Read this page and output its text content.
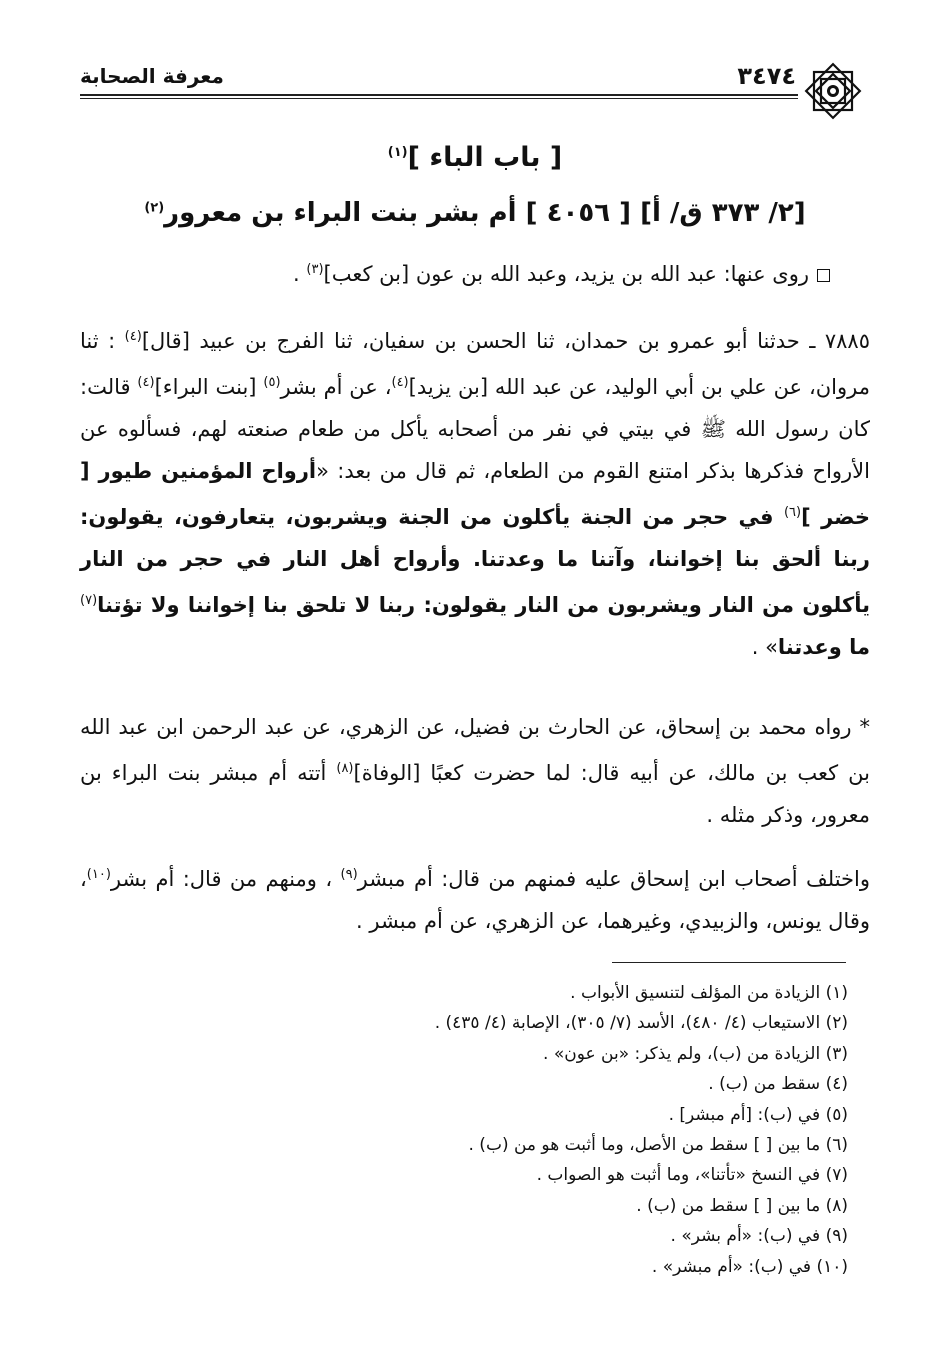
معرفة الصحابة	٣٤٧٤
[ باب الباء ]$^{(١)}$
[٢/ ٣٧٣ ق/ أ] [ ٤٠٥٦ ] أم بشر بنت البراء بن معرور$^{(٢)}$
روى عنها: عبد الله بن يزيد، وعبد الله بن عون [بن كعب]$^{(٣)}$ .
٧٨٨٥ ـ حدثنا أبو عمرو بن حمدان، ثنا الحسن بن سفيان، ثنا الفرج بن عبيد [قال]$^{(٤)}$ : ثنا مروان، عن علي بن أبي الوليد، عن عبد الله [بن يزيد]$^{(٤)}$، عن أم بشر$^{(٥)}$ [بنت البراء]$^{(٤)}$ قالت: كان رسول الله ﷺ في بيتي في نفر من أصحابه يأكل من طعام صنعته لهم، فسألوه عن الأرواح فذكرها بذكر امتنع القوم من الطعام، ثم قال من بعد: «أرواح المؤمنين طيور [ خضر ]$^{(٦)}$ في حجر من الجنة يأكلون من الجنة ويشربون، يتعارفون، يقولون: ربنا ألحق بنا إخواننا، وآتنا ما وعدتنا. وأرواح أهل النار في حجر من النار يأكلون من النار ويشربون من النار يقولون: ربنا لا تلحق بنا إخواننا ولا تؤتنا$^{(٧)}$ ما وعدتنا» .
* رواه محمد بن إسحاق، عن الحارث بن فضيل، عن الزهري، عن عبد الرحمن ابن عبد الله بن كعب بن مالك، عن أبيه قال: لما حضرت كعبًا [الوفاة]$^{(٨)}$ أتته أم مبشر بنت البراء بن معرور، وذكر مثله .
واختلف أصحاب ابن إسحاق عليه فمنهم من قال: أم مبشر$^{(٩)}$ ، ومنهم من قال: أم بشر$^{(١٠)}$، وقال يونس، والزبيدي، وغيرهما، عن الزهري، عن أم مبشر .
(١) الزيادة من المؤلف لتنسيق الأبواب .
(٢) الاستيعاب (٤/ ٤٨٠)، الأسد (٧/ ٣٠٥)، الإصابة (٤/ ٤٣٥) .
(٣) الزيادة من (ب)، ولم يذكر: «بن عون» .
(٤) سقط من (ب) .
(٥) في (ب): [أم مبشر] .
(٦) ما بين [ ] سقط من الأصل، وما أثبت هو من (ب) .
(٧) في النسخ «تأتنا»، وما أثبت هو الصواب .
(٨) ما بين [ ] سقط من (ب) .
(٩) في (ب): «أم بشر» .
(١٠) في (ب): «أم مبشر» .
